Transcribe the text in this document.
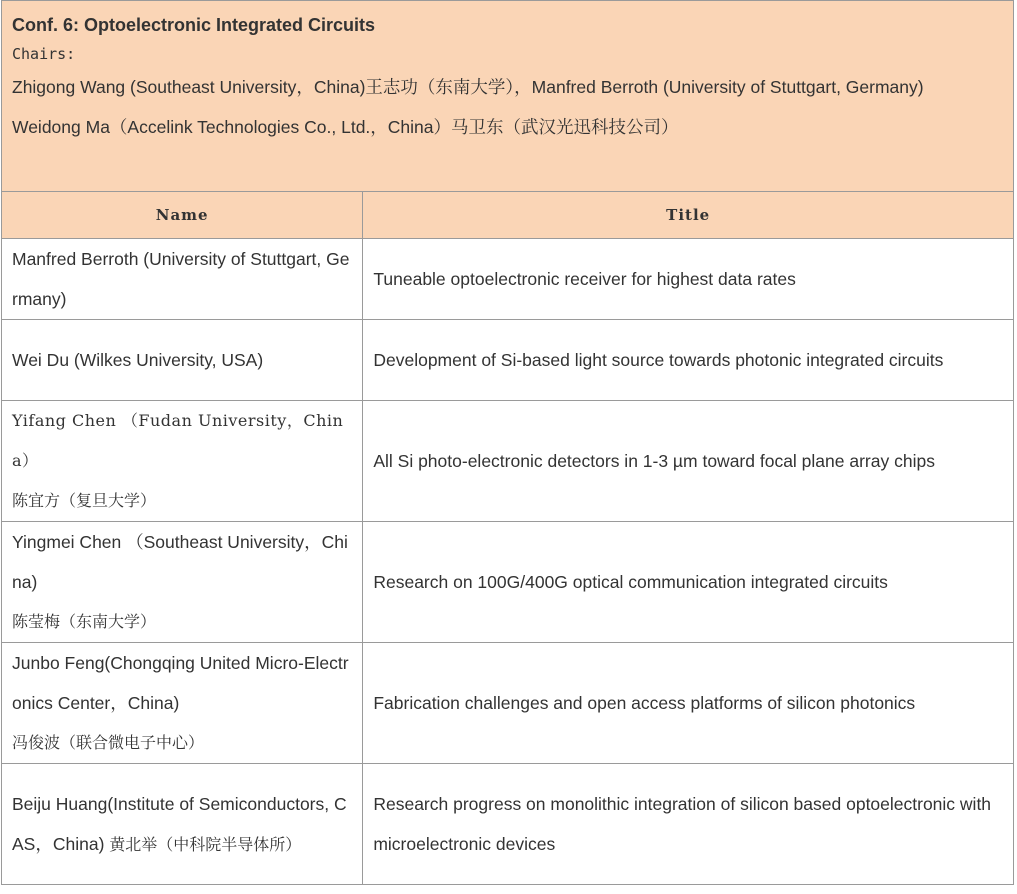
Conf. 6: Optoelectronic Integrated Circuits
Chairs:
Zhigong Wang (Southeast University，China)王志功（东南大学），Manfred Berroth (University of Stuttgart, Germany)
Weidong Ma（Accelink Technologies Co., Ltd.，China）马卫东（武汉光迅科技公司）
Name	Title

Manfred Berroth (University of Stuttgart, Germany)	Tuneable optoelectronic receiver for highest data rates

Wei Du (Wilkes University, USA)	Development of Si-based light source towards photonic integrated circuits

Yifang Chen （Fudan University，China）
陈宜方（复旦大学）	All Si photo-electronic detectors in 1-3 µm toward focal plane array chips

Yingmei Chen （Southeast University，China)
陈莹梅（东南大学）	Research on 100G/400G optical communication integrated circuits

Junbo Feng(Chongqing United Micro-Electronics Center，China)
冯俊波（联合微电子中心）	Fabrication challenges and open access platforms of silicon photonics
Beiju Huang(Institute of Semiconductors, CAS，China) 黄北举（中科院半导体所）	Research progress on monolithic integration of silicon based optoelectronic with microelectronic devices
